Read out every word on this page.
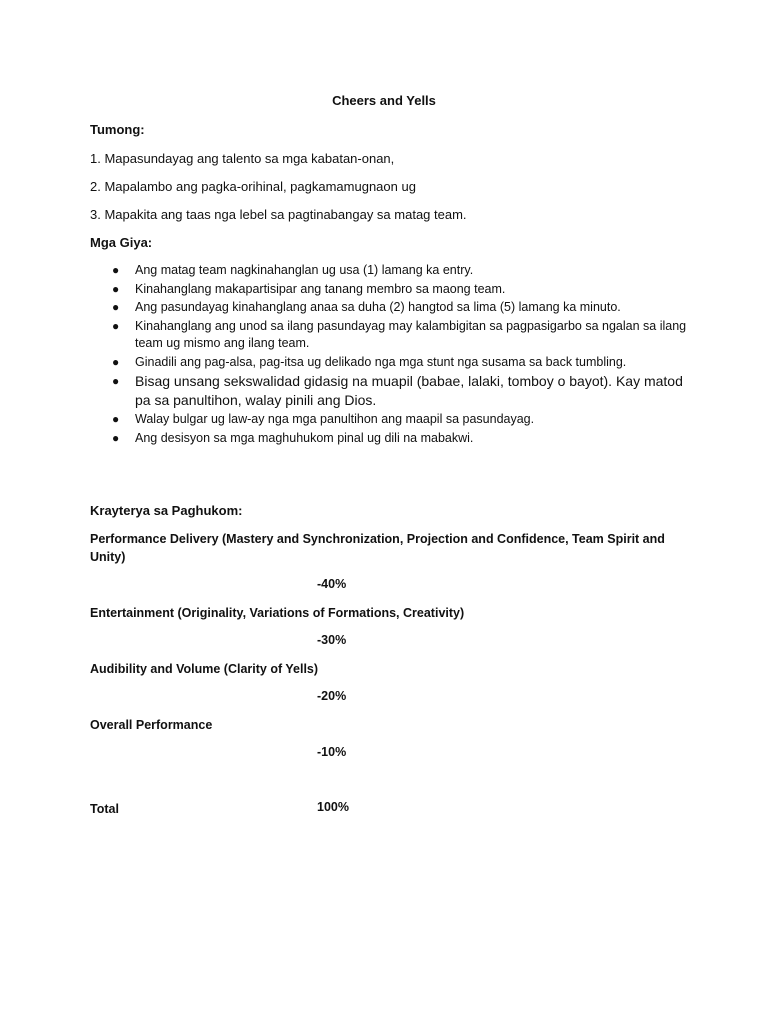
Cheers and Yells
Tumong:
1. Mapasundayag ang talento sa mga kabatan-onan,
2. Mapalambo ang pagka-orihinal, pagkamamugnaon ug
3. Mapakita ang taas nga lebel sa pagtinabangay sa matag team.
Mga Giya:
● Ang matag team nagkinahanglan ug usa (1) lamang ka entry.
● Kinahanglang makapartisipar ang tanang membro sa maong team.
● Ang pasundayag kinahanglang anaa sa duha (2) hangtod sa lima (5) lamang ka minuto.
● Kinahanglang ang unod sa ilang pasundayag may kalambigitan sa pagpasigarbo sa ngalan sa ilang team ug mismo ang ilang team.
● Ginadili ang pag-alsa, pag-itsa ug delikado nga mga stunt nga susama sa back tumbling.
● Bisag unsang sekswalidad gidasig na muapil (babae, lalaki, tomboy o bayot). Kay matod pa sa panultihon, walay pinili ang Dios.
● Walay bulgar ug law-ay nga mga panultihon ang maapil sa pasundayag.
● Ang desisyon sa mga maghuhukom pinal ug dili na mabakwi.
Krayterya sa Paghukom:
Performance Delivery (Mastery and Synchronization, Projection and Confidence, Team Spirit and Unity)
-40%
Entertainment (Originality, Variations of Formations, Creativity)
-30%
Audibility and Volume (Clarity of Yells)
-20%
Overall Performance
-10%
Total	100%
